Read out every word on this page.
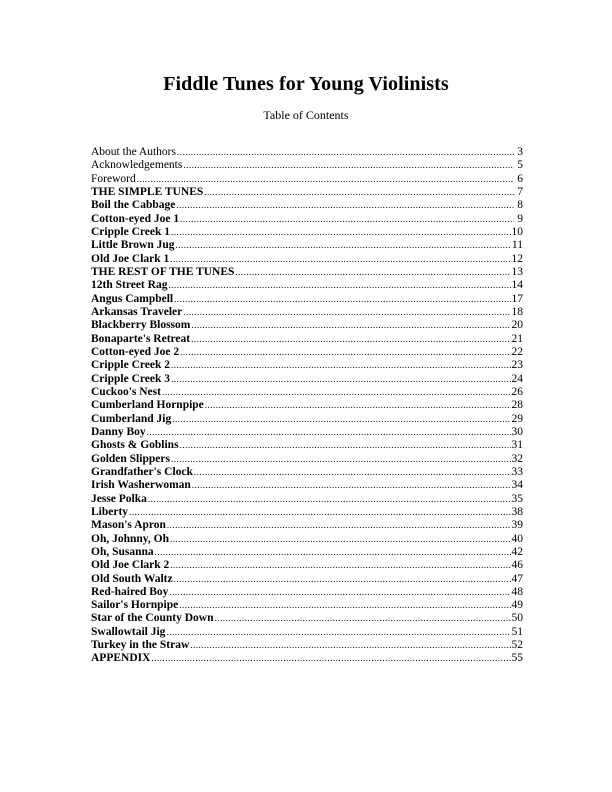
Fiddle Tunes for Young Violinists
Table of Contents
About the Authors .....	3
Acknowledgements .....	5
Foreword .....	6
THE SIMPLE TUNES .....	7
Boil the Cabbage .....	8
Cotton-eyed Joe 1 .....	9
Cripple Creek 1 .....	10
Little Brown Jug .....	11
Old Joe Clark 1 .....	12
THE REST OF THE TUNES .....	13
12th Street Rag .....	14
Angus Campbell .....	17
Arkansas Traveler .....	18
Blackberry Blossom .....	20
Bonaparte's Retreat .....	21
Cotton-eyed Joe 2 .....	22
Cripple Creek 2 .....	23
Cripple Creek 3 .....	24
Cuckoo's Nest .....	26
Cumberland Hornpipe .....	28
Cumberland Jig .....	29
Danny Boy .....	30
Ghosts & Goblins .....	31
Golden Slippers .....	32
Grandfather's Clock .....	33
Irish Washerwoman .....	34
Jesse Polka .....	35
Liberty .....	38
Mason's Apron .....	39
Oh, Johnny, Oh .....	40
Oh, Susanna .....	42
Old Joe Clark 2 .....	46
Old South Waltz .....	47
Red-haired Boy .....	48
Sailor's Hornpipe .....	49
Star of the County Down .....	50
Swallowtail Jig .....	51
Turkey in the Straw .....	52
APPENDIX .....	55
